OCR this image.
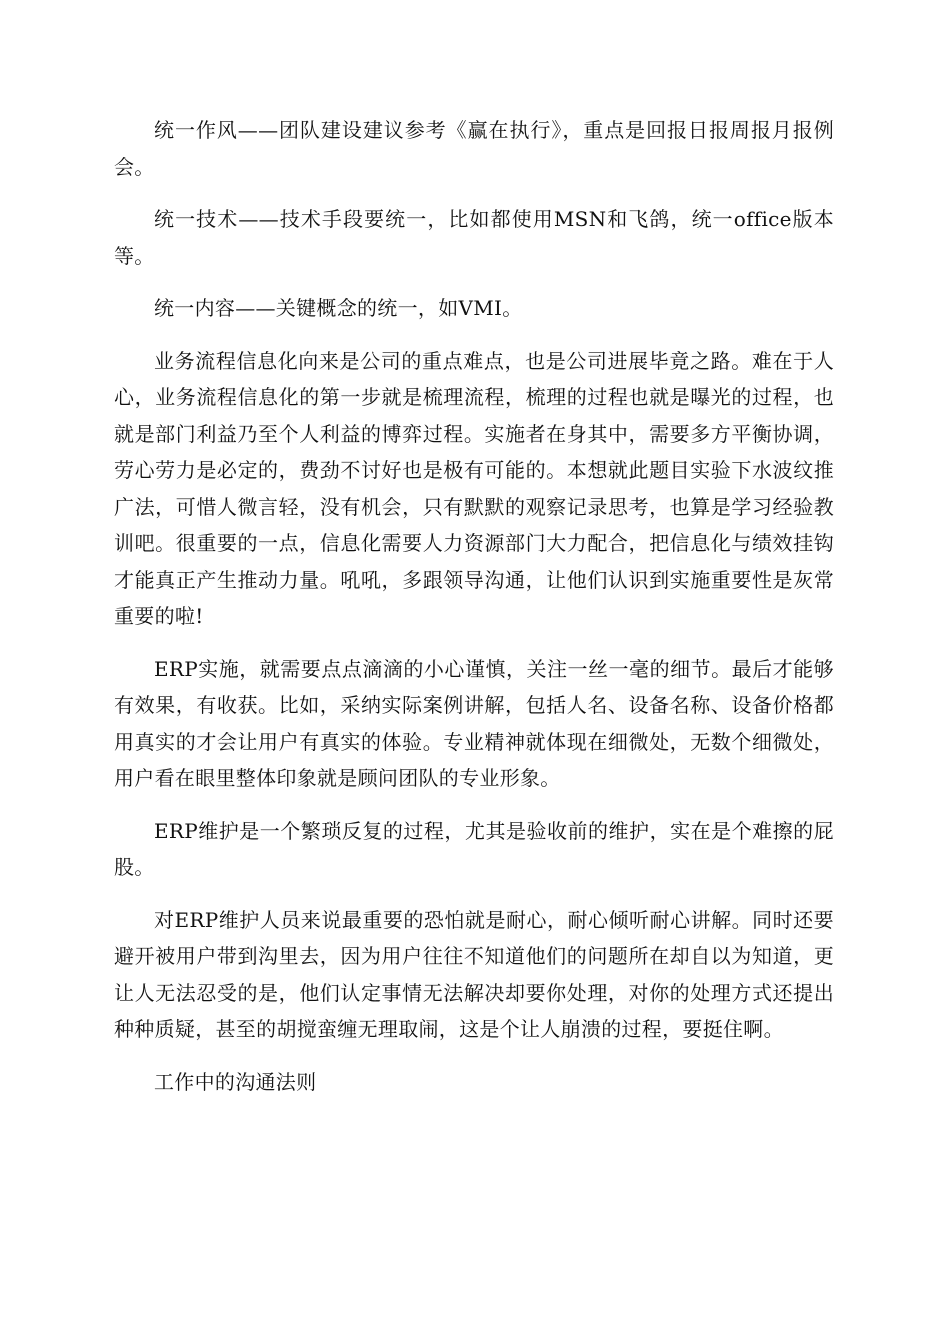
统一作风——团队建设建议参考《赢在执行》，重点是回报日报周报月报例会。

统一技术——技术手段要统一，比如都使用MSN和飞鸽，统一office版本等。

统一内容——关键概念的统一，如VMI。

业务流程信息化向来是公司的重点难点，也是公司进展毕竟之路。难在于人心，业务流程信息化的第一步就是梳理流程，梳理的过程也就是曝光的过程，也就是部门利益乃至个人利益的博弈过程。实施者在身其中，需要多方平衡协调，劳心劳力是必定的，费劲不讨好也是极有可能的。本想就此题目实验下水波纹推广法，可惜人微言轻，没有机会，只有默默的观察记录思考，也算是学习经验教训吧。很重要的一点，信息化需要人力资源部门大力配合，把信息化与绩效挂钩才能真正产生推动力量。吼吼，多跟领导沟通，让他们认识到实施重要性是灰常重要的啦!

ERP实施，就需要点点滴滴的小心谨慎，关注一丝一毫的细节。最后才能够有效果，有收获。比如，采纳实际案例讲解，包括人名、设备名称、设备价格都用真实的才会让用户有真实的体验。专业精神就体现在细微处，无数个细微处，用户看在眼里整体印象就是顾问团队的专业形象。

ERP维护是一个繁琐反复的过程，尤其是验收前的维护，实在是个难擦的屁股。

对ERP维护人员来说最重要的恐怕就是耐心，耐心倾听耐心讲解。同时还要避开被用户带到沟里去，因为用户往往不知道他们的问题所在却自以为知道，更让人无法忍受的是，他们认定事情无法解决却要你处理，对你的处理方式还提出种种质疑，甚至的胡搅蛮缠无理取闹，这是个让人崩溃的过程，要挺住啊。

工作中的沟通法则
